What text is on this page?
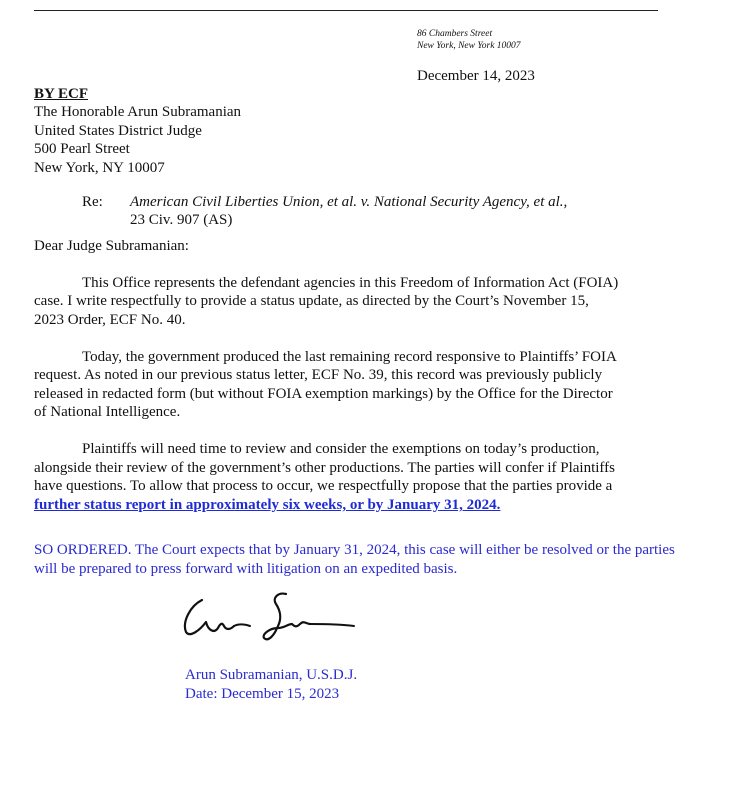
86 Chambers Street
New York, New York 10007
December 14, 2023
BY ECF
The Honorable Arun Subramanian
United States District Judge
500 Pearl Street
New York, NY 10007
Re: American Civil Liberties Union, et al. v. National Security Agency, et al.,
23 Civ. 907 (AS)
Dear Judge Subramanian:
This Office represents the defendant agencies in this Freedom of Information Act (FOIA)
case. I write respectfully to provide a status update, as directed by the Court’s November 15,
2023 Order, ECF No. 40.
Today, the government produced the last remaining record responsive to Plaintiffs’ FOIA
request. As noted in our previous status letter, ECF No. 39, this record was previously publicly
released in redacted form (but without FOIA exemption markings) by the Office for the Director
of National Intelligence.
Plaintiffs will need time to review and consider the exemptions on today’s production,
alongside their review of the government’s other productions. The parties will confer if Plaintiffs
have questions. To allow that process to occur, we respectfully propose that the parties provide a
further status report in approximately six weeks, or by January 31, 2024.
SO ORDERED. The Court expects that by January 31, 2024, this case will either be resolved or the parties
will be prepared to press forward with litigation on an expedited basis.
Arun Subramanian, U.S.D.J.
Date: December 15, 2023
